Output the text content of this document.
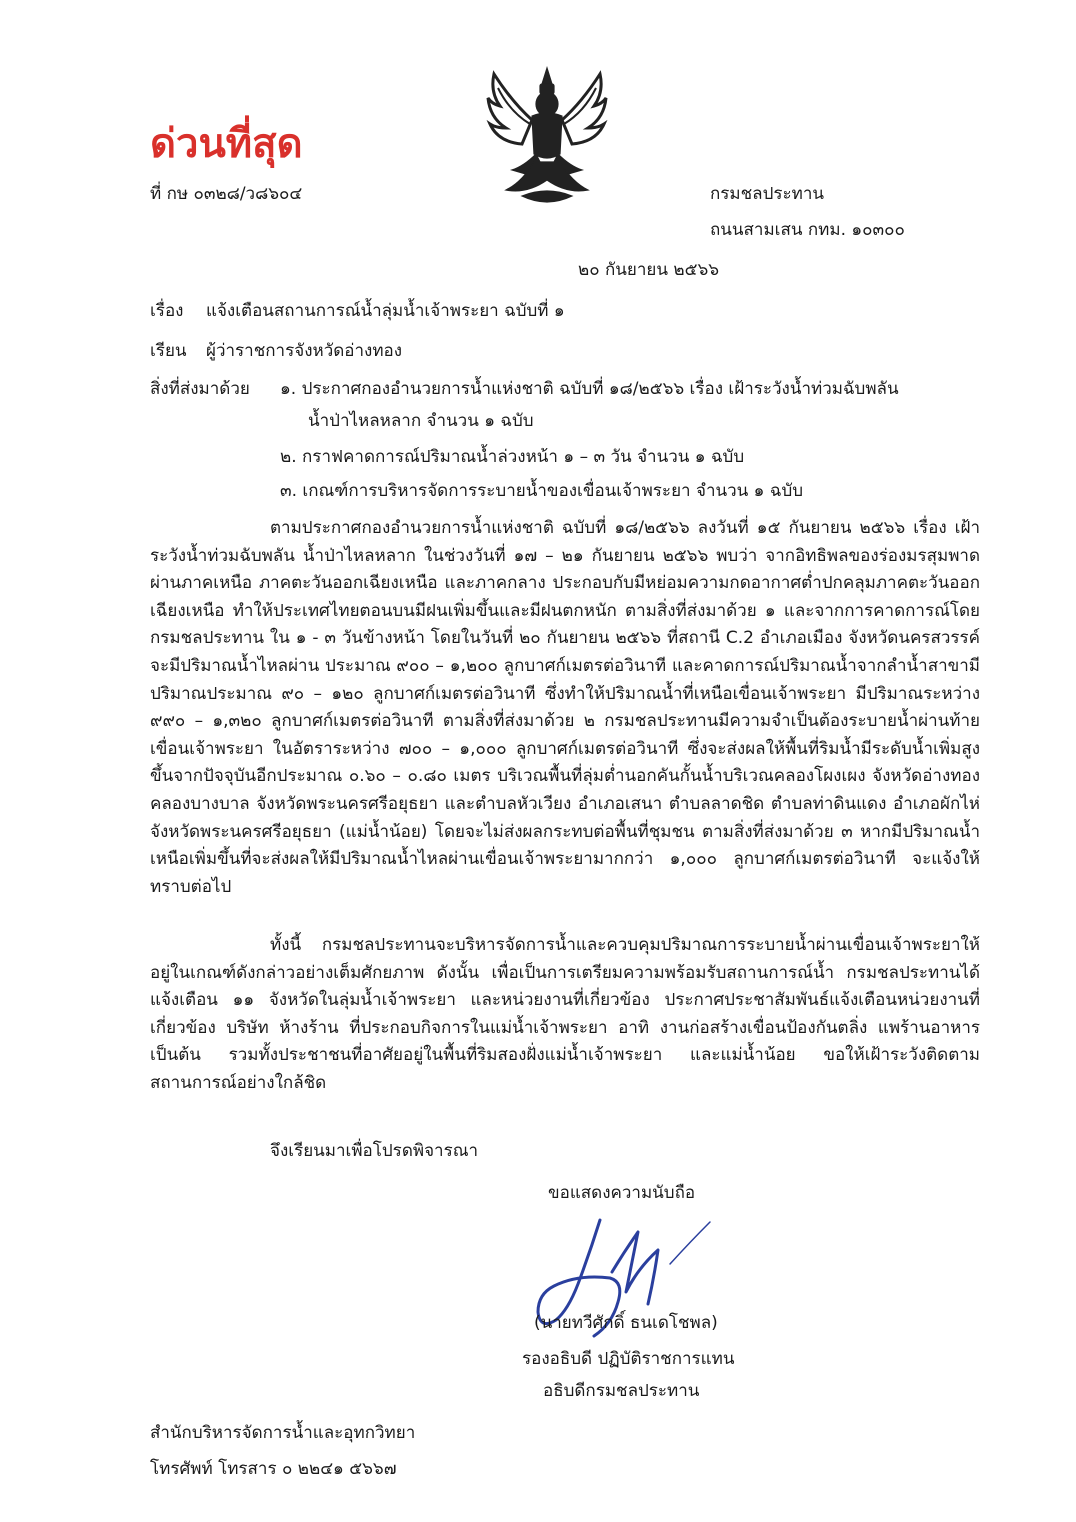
ด่วนที่สุด
ที่ กษ ๐๓๒๘/ว๘๖๐๔	กรมชลประทาน
ถนนสามเสน กทม. ๑๐๓๐๐
๒๐ กันยายน ๒๕๖๖
เรื่อง แจ้งเตือนสถานการณ์น้ำลุ่มน้ำเจ้าพระยา ฉบับที่ ๑
เรียน ผู้ว่าราชการจังหวัดอ่างทอง
สิ่งที่ส่งมาด้วย ๑. ประกาศกองอำนวยการน้ำแห่งชาติ ฉบับที่ ๑๘/๒๕๖๖ เรื่อง เฝ้าระวังน้ำท่วมฉับพลัน
น้ำป่าไหลหลาก จำนวน ๑ ฉบับ
๒. กราฟคาดการณ์ปริมาณน้ำล่วงหน้า ๑ – ๓ วัน จำนวน ๑ ฉบับ
๓. เกณฑ์การบริหารจัดการระบายน้ำของเขื่อนเจ้าพระยา จำนวน ๑ ฉบับ
ตามประกาศกองอำนวยการน้ำแห่งชาติ ฉบับที่ ๑๘/๒๕๖๖ ลงวันที่ ๑๕ กันยายน ๒๕๖๖ เรื่อง เฝ้าระวังน้ำท่วมฉับพลัน น้ำป่าไหลหลาก ในช่วงวันที่ ๑๗ – ๒๑ กันยายน ๒๕๖๖ พบว่า จากอิทธิพลของร่องมรสุมพาดผ่านภาคเหนือ ภาคตะวันออกเฉียงเหนือ และภาคกลาง ประกอบกับมีหย่อมความกดอากาศต่ำปกคลุมภาคตะวันออกเฉียงเหนือ ทำให้ประเทศไทยตอนบนมีฝนเพิ่มขึ้นและมีฝนตกหนัก ตามสิ่งที่ส่งมาด้วย ๑ และจากการคาดการณ์โดยกรมชลประทาน ใน ๑ - ๓ วันข้างหน้า โดยในวันที่ ๒๐ กันยายน ๒๕๖๖ ที่สถานี C.2 อำเภอเมือง จังหวัดนครสวรรค์ จะมีปริมาณน้ำไหลผ่าน ประมาณ ๙๐๐ – ๑,๒๐๐ ลูกบาศก์เมตรต่อวินาที และคาดการณ์ปริมาณน้ำจากลำน้ำสาขามีปริมาณประมาณ ๙๐ – ๑๒๐ ลูกบาศก์เมตรต่อวินาที ซึ่งทำให้ปริมาณน้ำที่เหนือเขื่อนเจ้าพระยา มีปริมาณระหว่าง ๙๙๐ – ๑,๓๒๐ ลูกบาศก์เมตรต่อวินาที ตามสิ่งที่ส่งมาด้วย ๒ กรมชลประทานมีความจำเป็นต้องระบายน้ำผ่านท้ายเขื่อนเจ้าพระยา ในอัตราระหว่าง ๗๐๐ – ๑,๐๐๐ ลูกบาศก์เมตรต่อวินาที ซึ่งจะส่งผลให้พื้นที่ริมน้ำมีระดับน้ำเพิ่มสูงขึ้นจากปัจจุบันอีกประมาณ ๐.๖๐ – ๐.๘๐ เมตร บริเวณพื้นที่ลุ่มต่ำนอกคันกั้นน้ำบริเวณคลองโผงเผง จังหวัดอ่างทอง คลองบางบาล จังหวัดพระนครศรีอยุธยา และตำบลหัวเวียง อำเภอเสนา ตำบลลาดชิด ตำบลท่าดินแดง อำเภอผักไห่ จังหวัดพระนครศรีอยุธยา (แม่น้ำน้อย) โดยจะไม่ส่งผลกระทบต่อพื้นที่ชุมชน ตามสิ่งที่ส่งมาด้วย ๓ หากมีปริมาณน้ำเหนือเพิ่มขึ้นที่จะส่งผลให้มีปริมาณน้ำไหลผ่านเขื่อนเจ้าพระยามากกว่า ๑,๐๐๐ ลูกบาศก์เมตรต่อวินาที จะแจ้งให้ทราบต่อไป
ทั้งนี้ กรมชลประทานจะบริหารจัดการน้ำและควบคุมปริมาณการระบายน้ำผ่านเขื่อนเจ้าพระยาให้อยู่ในเกณฑ์ดังกล่าวอย่างเต็มศักยภาพ ดังนั้น เพื่อเป็นการเตรียมความพร้อมรับสถานการณ์น้ำ กรมชลประทานได้แจ้งเตือน ๑๑ จังหวัดในลุ่มน้ำเจ้าพระยา และหน่วยงานที่เกี่ยวข้อง ประกาศประชาสัมพันธ์แจ้งเตือนหน่วยงานที่เกี่ยวข้อง บริษัท ห้างร้าน ที่ประกอบกิจการในแม่น้ำเจ้าพระยา อาทิ งานก่อสร้างเขื่อนป้องกันตลิ่ง แพร้านอาหาร เป็นต้น รวมทั้งประชาชนที่อาศัยอยู่ในพื้นที่ริมสองฝั่งแม่น้ำเจ้าพระยา และแม่น้ำน้อย ขอให้เฝ้าระวังติดตามสถานการณ์อย่างใกล้ชิด
จึงเรียนมาเพื่อโปรดพิจารณา
ขอแสดงความนับถือ
(นายทวีศักดิ์ ธนเดโชพล)
รองอธิบดี ปฏิบัติราชการแทน
อธิบดีกรมชลประทาน
สำนักบริหารจัดการน้ำและอุทกวิทยา
โทรศัพท์ โทรสาร ๐ ๒๒๔๑ ๕๖๖๗
